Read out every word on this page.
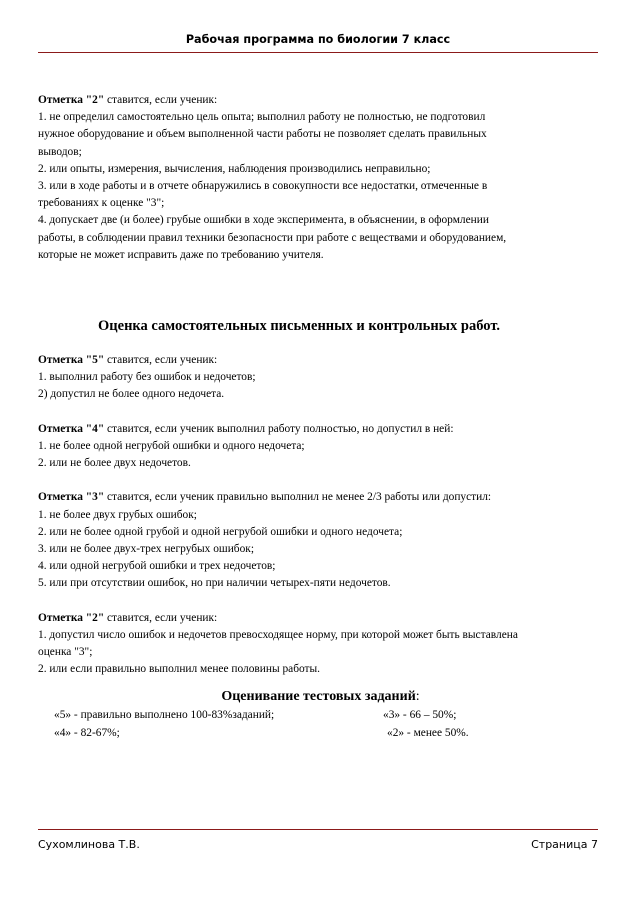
Рабочая программа по биологии 7 класс
Отметка "2" ставится, если ученик:
1. не определил самостоятельно цель опыта; выполнил работу не полностью, не подготовил
нужное оборудование и объем выполненной части работы не позволяет сделать правильных
выводов;
2. или опыты, измерения, вычисления, наблюдения производились неправильно;
3. или в ходе работы и в отчете обнаружились в совокупности все недостатки, отмеченные в
требованиях к оценке "3";
4. допускает две (и более) грубые ошибки в ходе эксперимента, в объяснении, в оформлении
работы, в соблюдении правил техники безопасности при работе с веществами и оборудованием,
которые не может исправить даже по требованию учителя.
Оценка самостоятельных письменных и контрольных работ.
Отметка "5" ставится, если ученик:
1. выполнил работу без ошибок и недочетов;
2) допустил не более одного недочета.
Отметка "4" ставится, если ученик выполнил работу полностью, но допустил в ней:
1. не более одной негрубой ошибки и одного недочета;
2. или не более двух недочетов.
Отметка "3" ставится, если ученик правильно выполнил не менее 2/3 работы или допустил:
1. не более двух грубых ошибок;
2. или не более одной грубой и одной негрубой ошибки и одного недочета;
3. или не более двух-трех негрубых ошибок;
4. или одной негрубой ошибки и трех недочетов;
5. или при отсутствии ошибок, но при наличии четырех-пяти недочетов.
Отметка "2" ставится, если ученик:
1. допустил число ошибок и недочетов превосходящее норму, при которой может быть выставлена
оценка "3";
2. или если правильно выполнил менее половины работы.
Оценивание тестовых заданий:
«5» - правильно выполнено 100-83%заданий;	«3» - 66 – 50%;
«4» - 82-67%;	«2» - менее 50%.
Сухомлинова Т.В.	Страница 7
